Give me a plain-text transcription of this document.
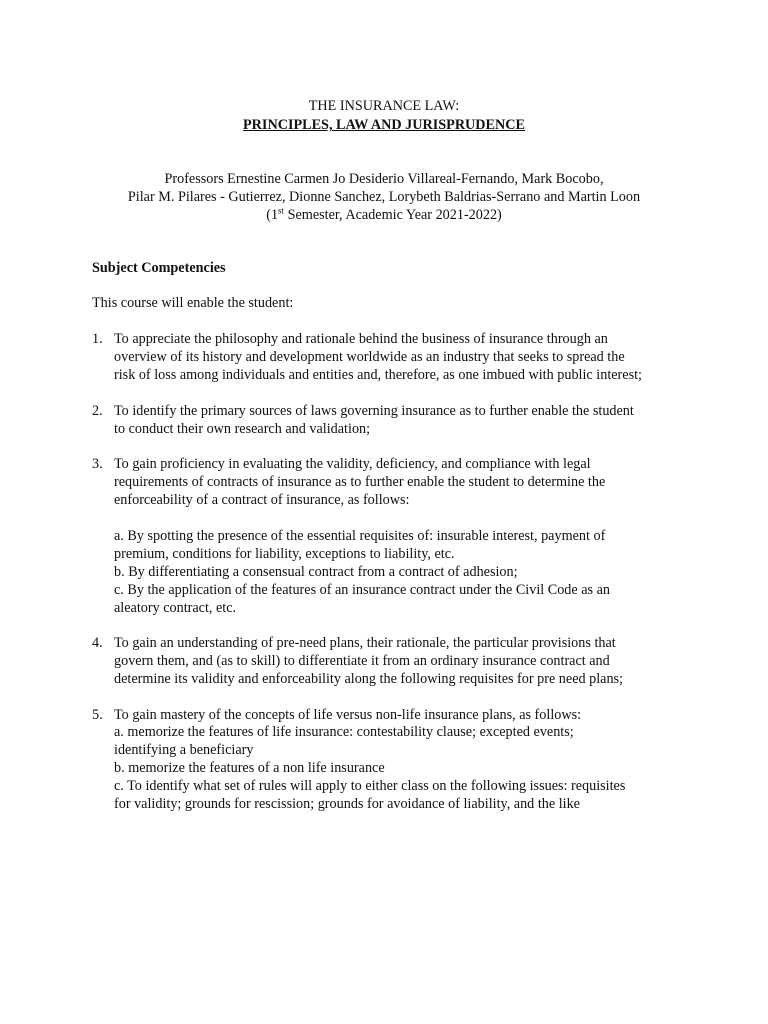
THE INSURANCE LAW:
PRINCIPLES, LAW AND JURISPRUDENCE
Professors Ernestine Carmen Jo Desiderio Villareal-Fernando, Mark Bocobo,
Pilar M. Pilares - Gutierrez, Dionne Sanchez, Lorybeth Baldrias-Serrano and Martin Loon
(1st Semester, Academic Year 2021-2022)
Subject Competencies
This course will enable the student:
1. To appreciate the philosophy and rationale behind the business of insurance through an
overview of its history and development worldwide as an industry that seeks to spread the
risk of loss among individuals and entities and, therefore, as one imbued with public interest;
2. To identify the primary sources of laws governing insurance as to further enable the student
to conduct their own research and validation;
3. To gain proficiency in evaluating the validity, deficiency, and compliance with legal
requirements of contracts of insurance as to further enable the student to determine the
enforceability of a contract of insurance, as follows:
a. By spotting the presence of the essential requisites of: insurable interest, payment of
premium, conditions for liability, exceptions to liability, etc.
b. By differentiating a consensual contract from a contract of adhesion;
c. By the application of the features of an insurance contract under the Civil Code as an
aleatory contract, etc.
4. To gain an understanding of pre-need plans, their rationale, the particular provisions that
govern them, and (as to skill) to differentiate it from an ordinary insurance contract and
determine its validity and enforceability along the following requisites for pre need plans;
5. To gain mastery of the concepts of life versus non-life insurance plans, as follows:
a. memorize the features of life insurance: contestability clause; excepted events;
identifying a beneficiary
b. memorize the features of a non life insurance
c. To identify what set of rules will apply to either class on the following issues: requisites
for validity; grounds for rescission; grounds for avoidance of liability, and the like
